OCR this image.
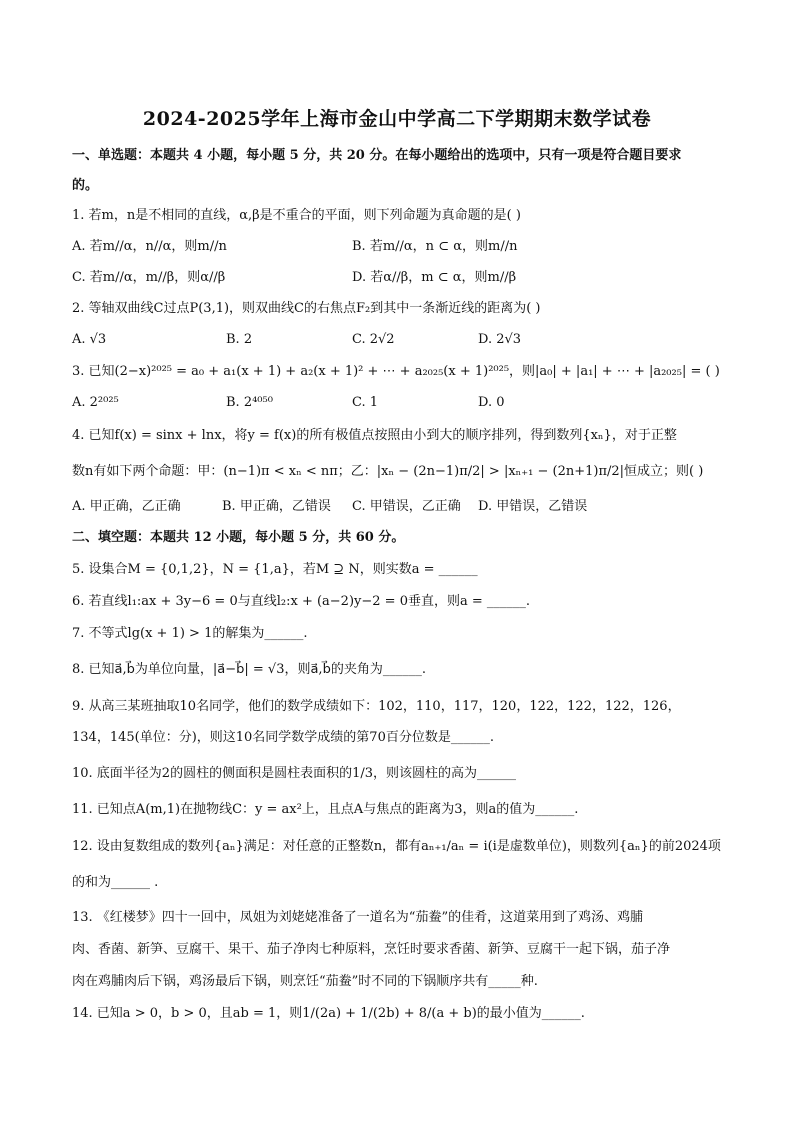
2024-2025学年上海市金山中学高二下学期期末数学试卷
一、单选题：本题共 4 小题，每小题 5 分，共 20 分。在每小题给出的选项中，只有一项是符合题目要求
的。
1. 若m，n是不相同的直线，α,β是不重合的平面，则下列命题为真命题的是( )
A. 若m//α，n//α，则m//n	B. 若m//α，n ⊂ α，则m//n
C. 若m//α，m//β，则α//β	D. 若α//β，m ⊂ α，则m//β
2. 等轴双曲线C过点P(3,1)，则双曲线C的右焦点F₂到其中一条渐近线的距离为( )
A. √3	B. 2	C. 2√2	D. 2√3
3. 已知(2−x)²⁰²⁵ = a₀ + a₁(x + 1) + a₂(x + 1)² + ⋯ + a₂₀₂₅(x + 1)²⁰²⁵，则|a₀| + |a₁| + ⋯ + |a₂₀₂₅| = ( )
A. 2²⁰²⁵	B. 2⁴⁰⁵⁰	C. 1	D. 0
4. 已知f(x) = sinx + lnx，将y = f(x)的所有极值点按照由小到大的顺序排列，得到数列{xₙ}，对于正整
数n有如下两个命题：甲：(n−1)π < xₙ < nπ；乙：|xₙ − (2n−1)π/2| > |xₙ₊₁ − (2n+1)π/2|恒成立；则( )
A. 甲正确，乙正确	B. 甲正确，乙错误 C. 甲错误，乙正确 D. 甲错误，乙错误
二、填空题：本题共 12 小题，每小题 5 分，共 60 分。
5. 设集合M = {0,1,2}，N = {1,a}，若M ⊇ N，则实数a = ______
6. 若直线l₁:ax + 3y−6 = 0与直线l₂:x + (a−2)y−2 = 0垂直，则a = ______.
7. 不等式lg(x + 1) > 1的解集为______.
8. 已知a⃗,b⃗为单位向量，|a⃗−b⃗| = √3，则a⃗,b⃗的夹角为______.
9. 从高三某班抽取10名同学，他们的数学成绩如下：102，110，117，120，122，122，122，126，
134，145(单位：分)，则这10名同学数学成绩的第70百分位数是______.
10. 底面半径为2的圆柱的侧面积是圆柱表面积的1/3，则该圆柱的高为______
11. 已知点A(m,1)在抛物线C：y = ax²上，且点A与焦点的距离为3，则a的值为______.
12. 设由复数组成的数列{aₙ}满足：对任意的正整数n，都有aₙ₊₁/aₙ = i(i是虚数单位)，则数列{aₙ}的前2024项
的和为______ .
13. 《红楼梦》四十一回中，凤姐为刘姥姥准备了一道名为“茄鲞”的佳肴，这道菜用到了鸡汤、鸡脯
肉、香菌、新笋、豆腐干、果干、茄子净肉七种原料，烹饪时要求香菌、新笋、豆腐干一起下锅，茄子净
肉在鸡脯肉后下锅，鸡汤最后下锅，则烹饪“茄鲞”时不同的下锅顺序共有_____种.
14. 已知a > 0，b > 0，且ab = 1，则1/(2a) + 1/(2b) + 8/(a + b)的最小值为______.
